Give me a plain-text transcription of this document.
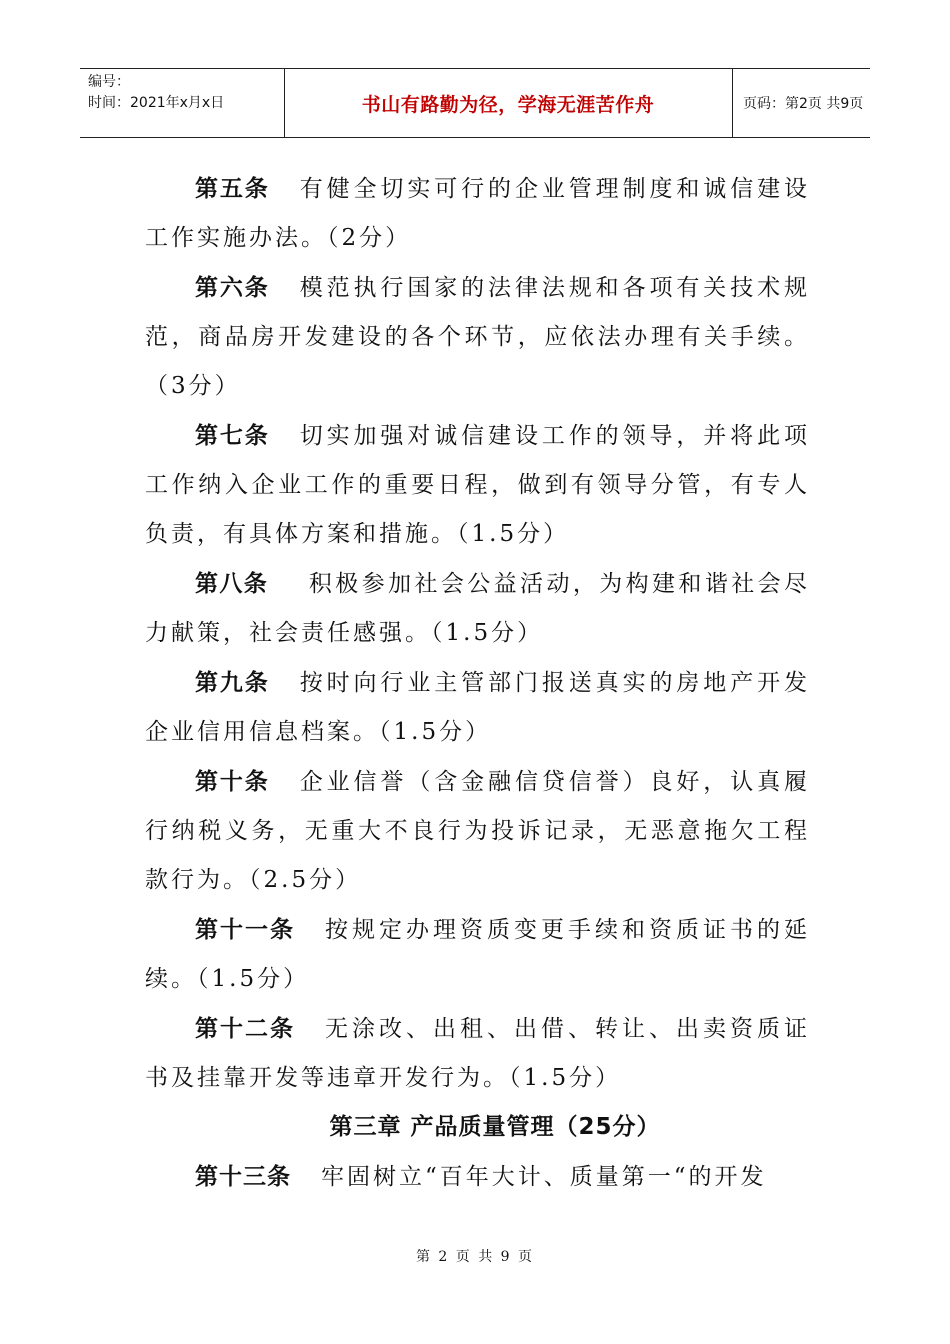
编号：
时间：2021年x月x日	书山有路勤为径，学海无涯苦作舟	页码：第2页 共9页

第五条 有健全切实可行的企业管理制度和诚信建设工作实施办法。（2分）

第六条 模范执行国家的法律法规和各项有关技术规范，商品房开发建设的各个环节，应依法办理有关手续。（3分）

第七条 切实加强对诚信建设工作的领导，并将此项工作纳入企业工作的重要日程，做到有领导分管，有专人负责，有具体方案和措施。（1.5分）

第八条 积极参加社会公益活动，为构建和谐社会尽力献策，社会责任感强。（1.5分）

第九条 按时向行业主管部门报送真实的房地产开发企业信用信息档案。（1.5分）

第十条 企业信誉（含金融信贷信誉）良好，认真履行纳税义务，无重大不良行为投诉记录，无恶意拖欠工程款行为。（2.5分）

第十一条 按规定办理资质变更手续和资质证书的延续。（1.5分）

第十二条 无涂改、出租、出借、转让、出卖资质证书及挂靠开发等违章开发行为。（1.5分）

第三章 产品质量管理（25分）

第十三条 牢固树立“百年大计、质量第一“的开发

第 2 页 共 9 页
